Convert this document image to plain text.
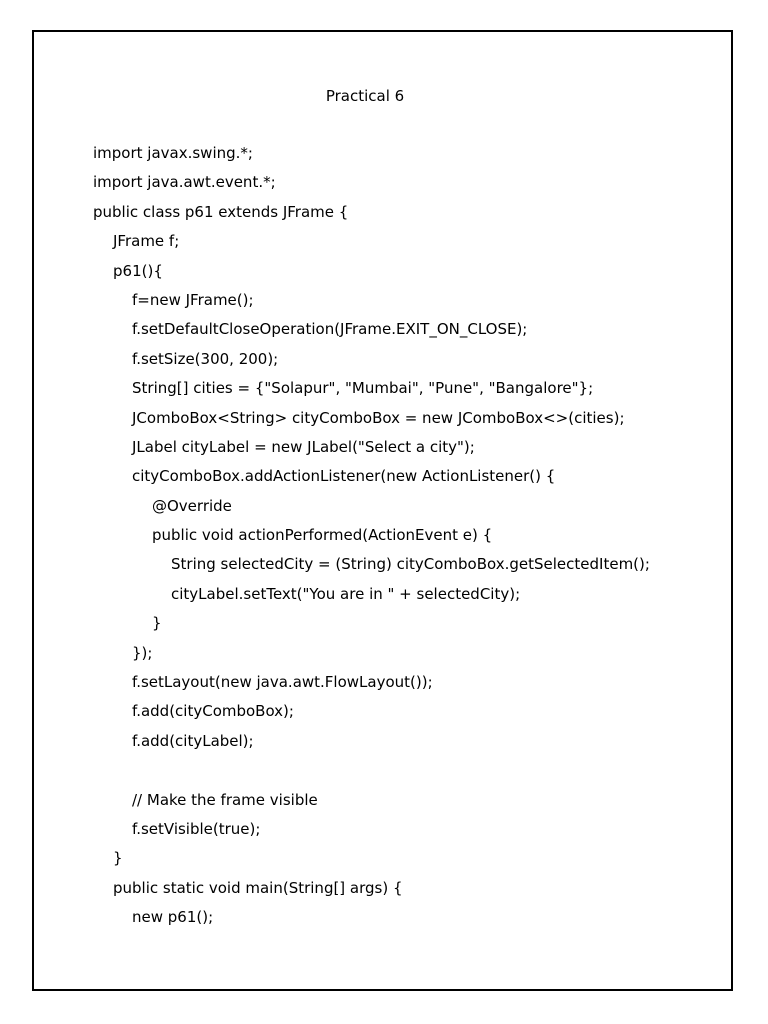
Practical 6
import javax.swing.*;
import java.awt.event.*;
public class p61 extends JFrame {
JFrame f;
p61(){
f=new JFrame();
f.setDefaultCloseOperation(JFrame.EXIT_ON_CLOSE);
f.setSize(300, 200);
String[] cities = {"Solapur", "Mumbai", "Pune", "Bangalore"};
JComboBox<String> cityComboBox = new JComboBox<>(cities);
JLabel cityLabel = new JLabel("Select a city");
cityComboBox.addActionListener(new ActionListener() {
@Override
public void actionPerformed(ActionEvent e) {
String selectedCity = (String) cityComboBox.getSelectedItem();
cityLabel.setText("You are in " + selectedCity);
}
});
f.setLayout(new java.awt.FlowLayout());
f.add(cityComboBox);
f.add(cityLabel);
// Make the frame visible
f.setVisible(true);
}
public static void main(String[] args) {
new p61();
